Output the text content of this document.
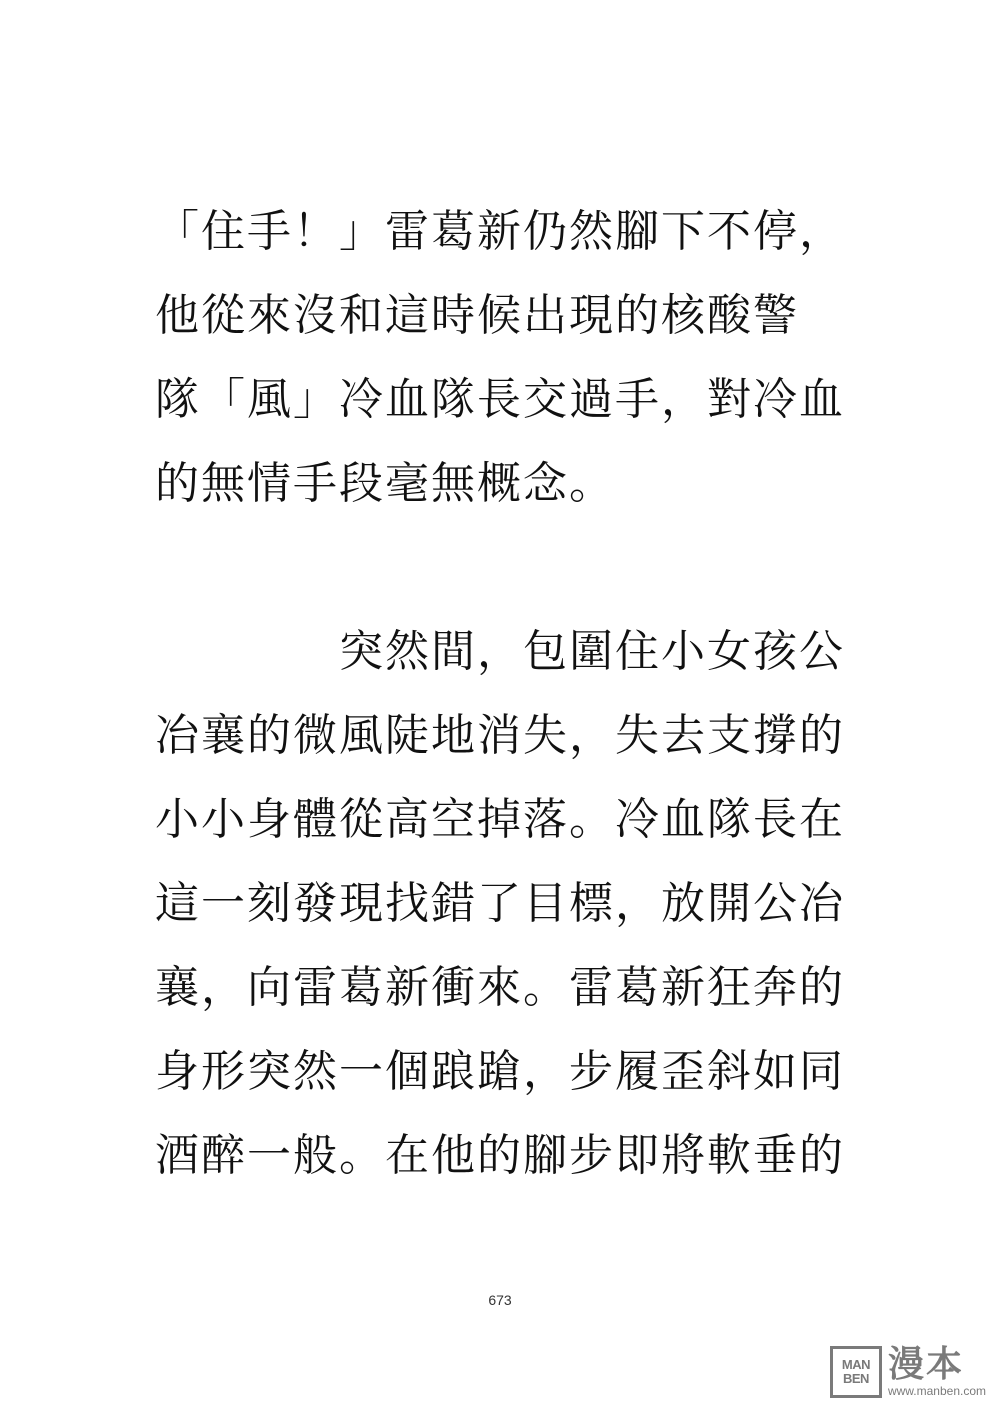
「住手！」雷葛新仍然腳下不停，
他從來沒和這時候出現的核酸警
隊「風」冷血隊長交過手，對冷血
的無情手段毫無概念。
　　　　突然間，包圍住小女孩公
冶襄的微風陡地消失，失去支撐的
小小身體從高空掉落。冷血隊長在
這一刻發現找錯了目標，放開公冶
襄，向雷葛新衝來。雷葛新狂奔的
身形突然一個踉蹌，步履歪斜如同
酒醉一般。在他的腳步即將軟垂的
673
MAN
BEN 漫本
www.manben.com
